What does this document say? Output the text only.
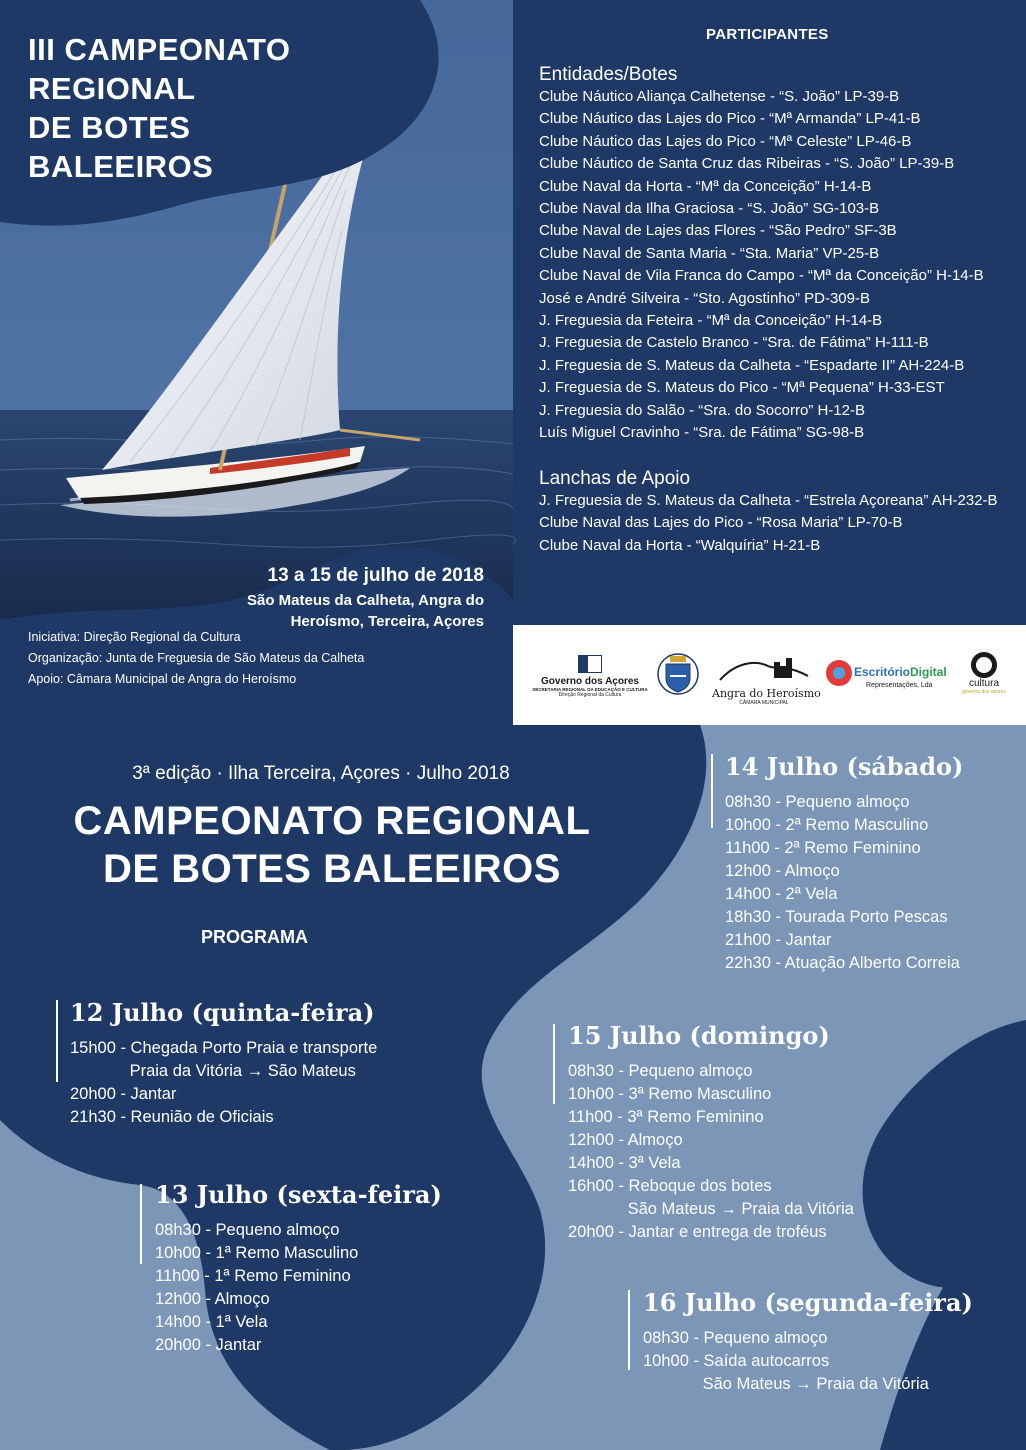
III CAMPEONATO
REGIONAL
DE BOTES
BALEEIROS
13 a 15 de julho de 2018
São Mateus da Calheta, Angra do
Heroísmo, Terceira, Açores
Iniciativa: Direção Regional da Cultura
Organização: Junta de Freguesia de São Mateus da Calheta
Apoio: Câmara Municipal de Angra do Heroísmo
PARTICIPANTES
Entidades/Botes
Clube Náutico Aliança Calhetense - “S. João” LP-39-B
Clube Náutico das Lajes do Pico - “Mª Armanda” LP-41-B
Clube Náutico das Lajes do Pico - “Mª Celeste” LP-46-B
Clube Náutico de Santa Cruz das Ribeiras - “S. João” LP-39-B
Clube Naval da Horta - “Mª da Conceição” H-14-B
Clube Naval da Ilha Graciosa - “S. João” SG-103-B
Clube Naval de Lajes das Flores - “São Pedro” SF-3B
Clube Naval de Santa Maria - “Sta. Maria” VP-25-B
Clube Naval de Vila Franca do Campo - “Mª da Conceição” H-14-B
José e André Silveira - “Sto. Agostinho” PD-309-B
J. Freguesia da Feteira - “Mª da Conceição” H-14-B
J. Freguesia de Castelo Branco - “Sra. de Fátima” H-111-B
J. Freguesia de S. Mateus da Calheta - “Espadarte II” AH-224-B
J. Freguesia de S. Mateus do Pico - “Mª Pequena” H-33-EST
J. Freguesia do Salão - “Sra. do Socorro” H-12-B
Luís Miguel Cravinho - “Sra. de Fátima” SG-98-B
Lanchas de Apoio
J. Freguesia de S. Mateus da Calheta - “Estrela Açoreana” AH-232-B
Clube Naval das Lajes do Pico - “Rosa Maria” LP-70-B
Clube Naval da Horta - “Walquíria” H-21-B
Governo dos Açores
SECRETARIA REGIONAL DA EDUCAÇÃO E CULTURA
Direção Regional da Cultura	Angra do Heroísmo
CÂMARA MUNICIPAL
EscritórioDigital
Representações, Lda	cultura
governo dos açores
3ª edição · Ilha Terceira, Açores · Julho 2018
CAMPEONATO REGIONAL
DE BOTES BALEEIROS
PROGRAMA
12 Julho (quinta-feira)
15h00 - Chegada Porto Praia e transporte
Praia da Vitória → São Mateus
20h00 - Jantar
21h30 - Reunião de Oficiais
13 Julho (sexta-feira)
08h30 - Pequeno almoço
10h00 - 1ª Remo Masculino
11h00 - 1ª Remo Feminino
12h00 - Almoço
14h00 - 1ª Vela
20h00 - Jantar
14 Julho (sábado)
08h30 - Pequeno almoço
10h00 - 2ª Remo Masculino
11h00 - 2ª Remo Feminino
12h00 - Almoço
14h00 - 2ª Vela
18h30 - Tourada Porto Pescas
21h00 - Jantar
22h30 - Atuação Alberto Correia
15 Julho (domingo)
08h30 - Pequeno almoço
10h00 - 3ª Remo Masculino
11h00 - 3ª Remo Feminino
12h00 - Almoço
14h00 - 3ª Vela
16h00 - Reboque dos botes
São Mateus → Praia da Vitória
20h00 - Jantar e entrega de troféus
16 Julho (segunda-feira)
08h30 - Pequeno almoço
10h00 - Saída autocarros
São Mateus → Praia da Vitória
